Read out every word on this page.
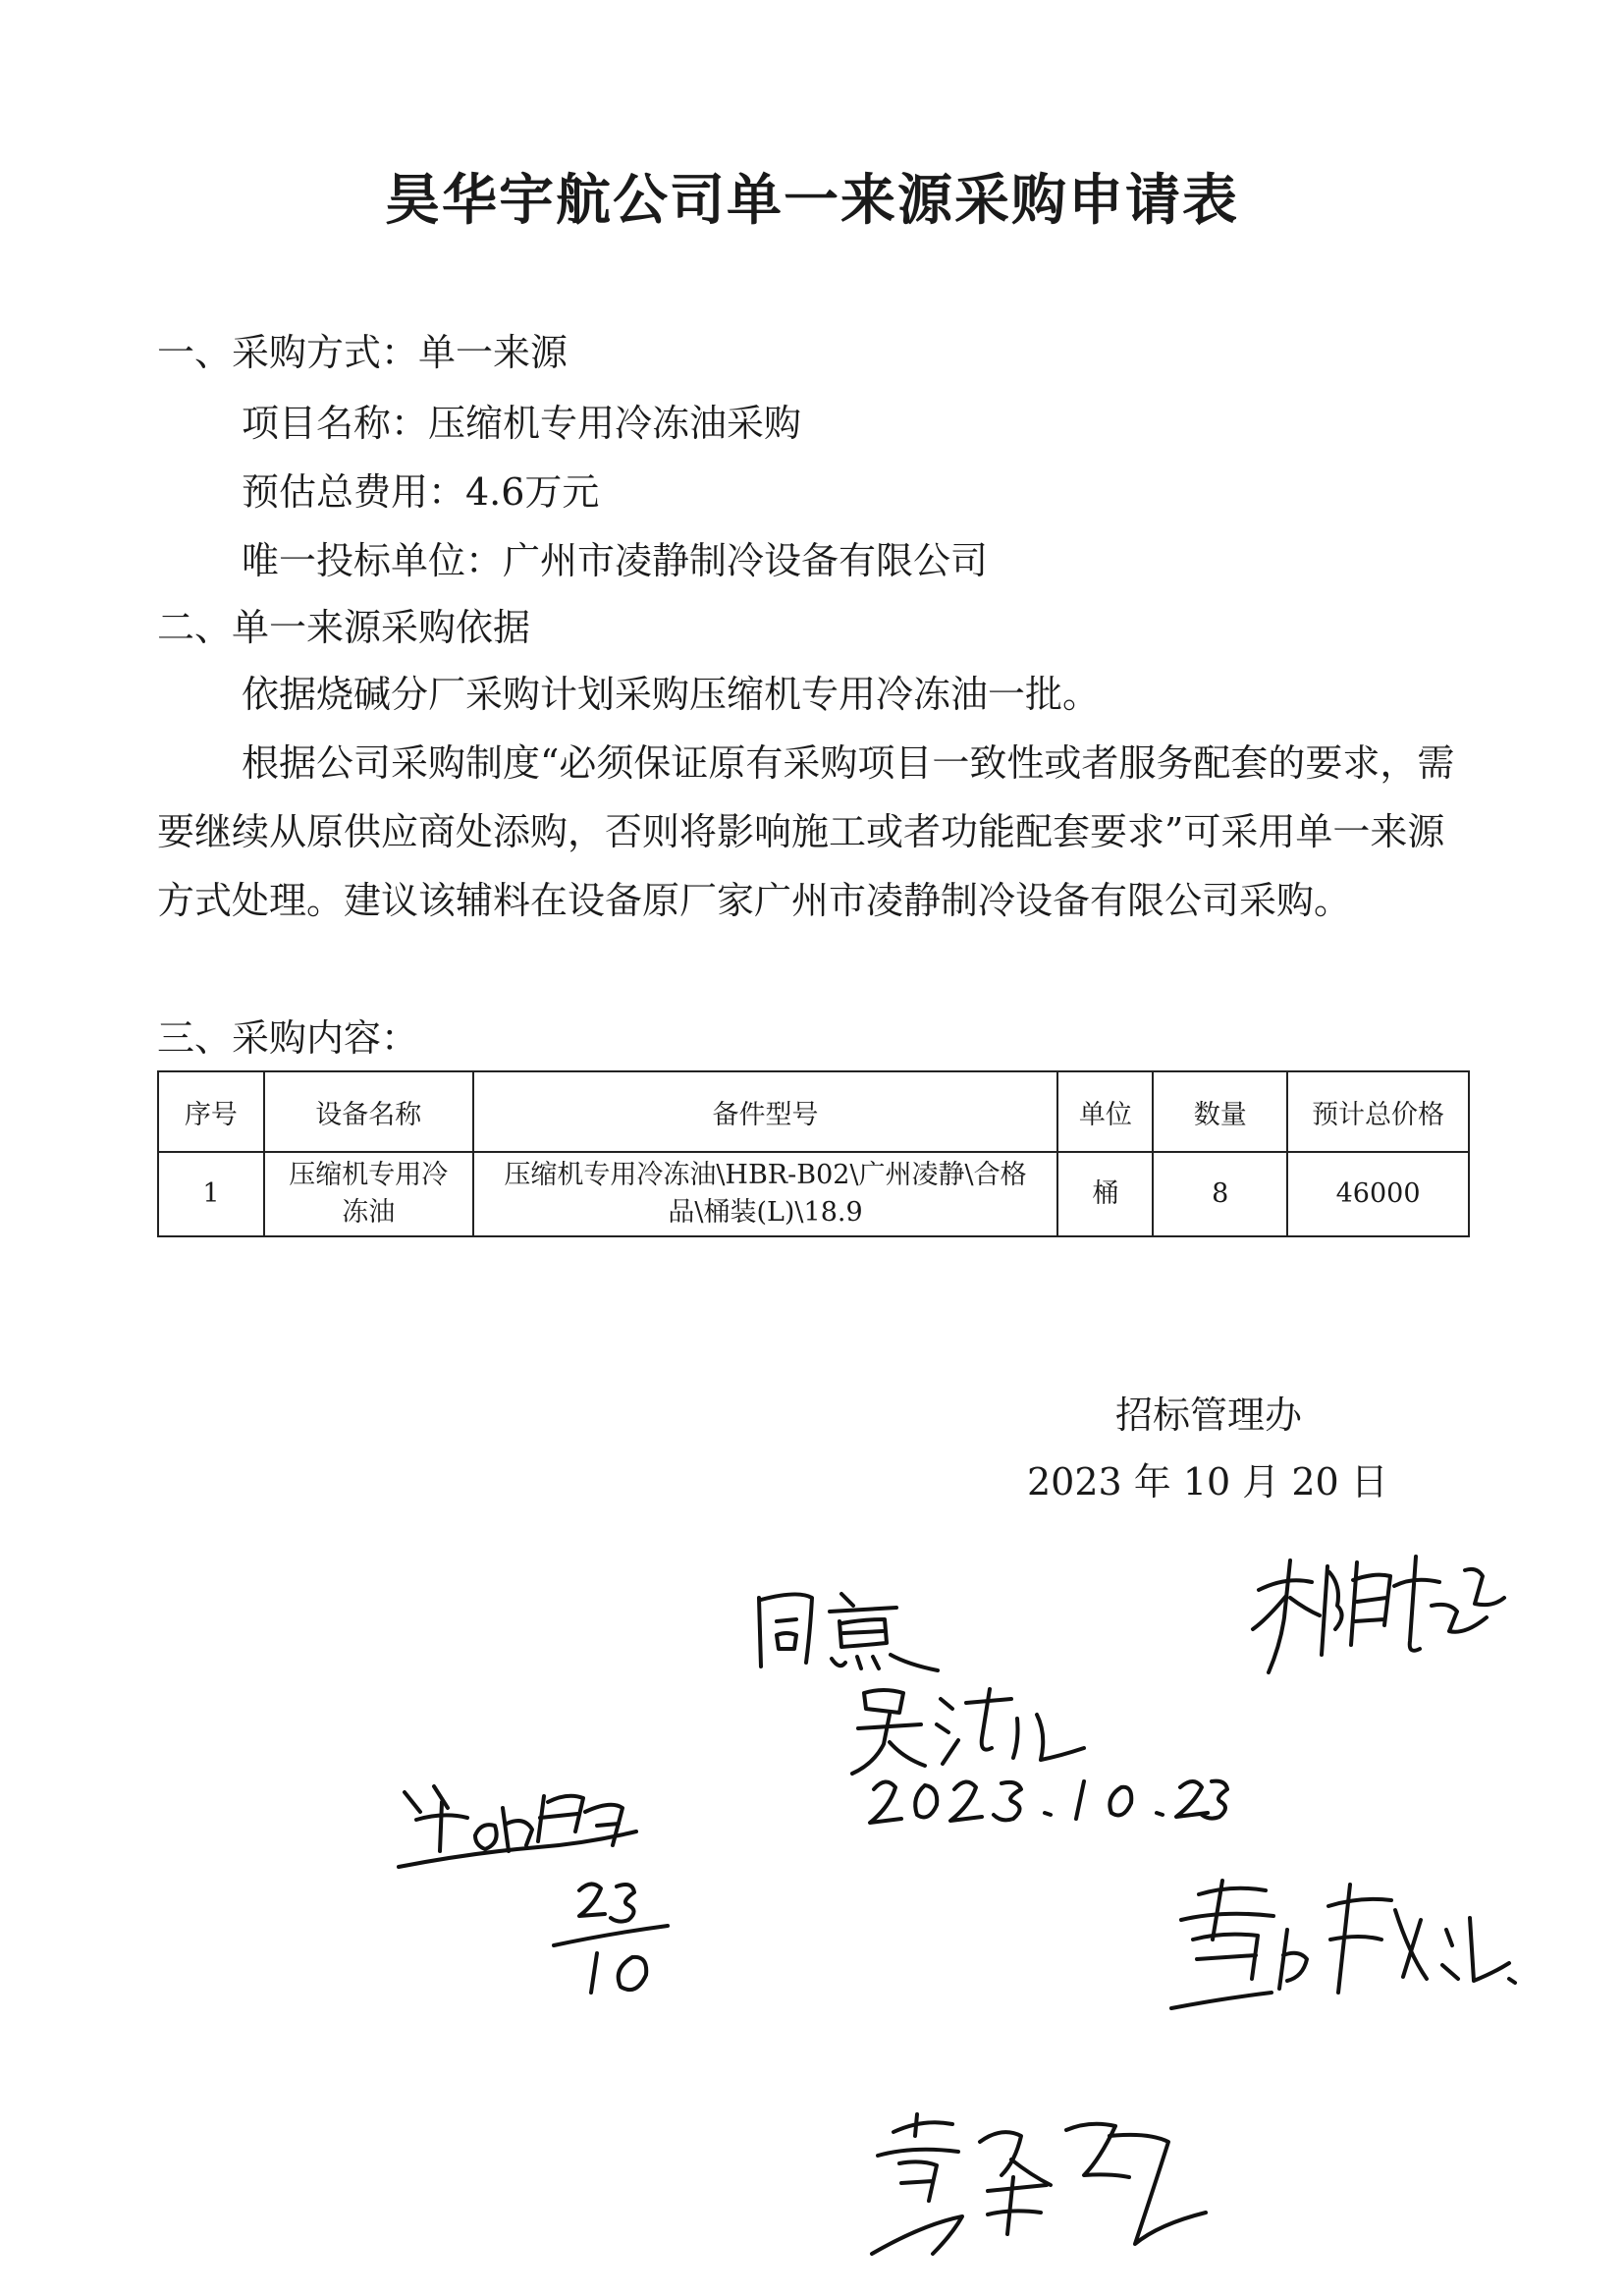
昊华宇航公司单一来源采购申请表
一、采购方式：单一来源
项目名称：压缩机专用冷冻油采购
预估总费用：4.6万元
唯一投标单位：广州市凌静制冷设备有限公司
二、单一来源采购依据
依据烧碱分厂采购计划采购压缩机专用冷冻油一批。
根据公司采购制度“必须保证原有采购项目一致性或者服务配套的要求，需要继续从原供应商处添购，否则将影响施工或者功能配套要求”可采用单一来源方式处理。建议该辅料在设备原厂家广州市凌静制冷设备有限公司采购。
三、采购内容：
序号	设备名称	备件型号	单位	数量	预计总价格
1	压缩机专用冷冻油	压缩机专用冷冻油\HBR-B02\广州凌静\合格品\桶装(L)\18.9	桶	8	46000
招标管理办
2023 年 10 月 20 日
